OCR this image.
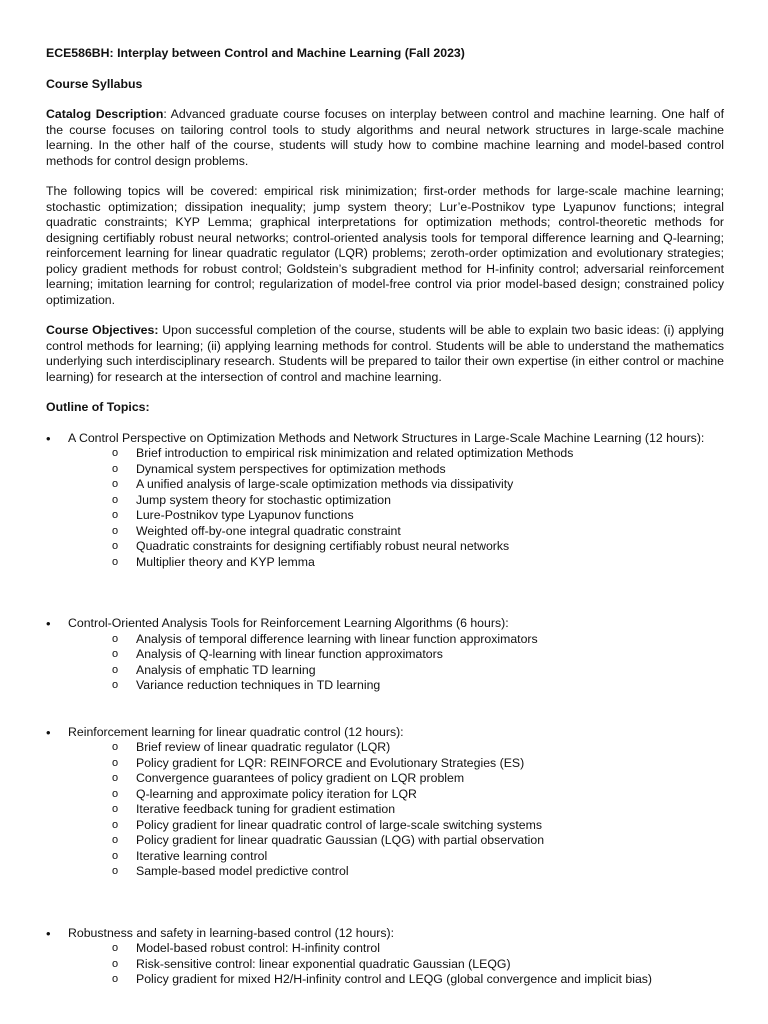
ECE586BH: Interplay between Control and Machine Learning (Fall 2023)
Course Syllabus

Catalog Description: Advanced graduate course focuses on interplay between control and machine learning. One half of the course focuses on tailoring control tools to study algorithms and neural network structures in large-scale machine learning. In the other half of the course, students will study how to combine machine learning and model-based control methods for control design problems.

The following topics will be covered: empirical risk minimization; first-order methods for large-scale machine learning; stochastic optimization; dissipation inequality; jump system theory; Lur’e-Postnikov type Lyapunov functions; integral quadratic constraints; KYP Lemma; graphical interpretations for optimization methods; control-theoretic methods for designing certifiably robust neural networks; control-oriented analysis tools for temporal difference learning and Q-learning; reinforcement learning for linear quadratic regulator (LQR) problems; zeroth-order optimization and evolutionary strategies; policy gradient methods for robust control; Goldstein’s subgradient method for H-infinity control; adversarial reinforcement learning; imitation learning for control; regularization of model-free control via prior model-based design; constrained policy optimization.

Course Objectives: Upon successful completion of the course, students will be able to explain two basic ideas: (i) applying control methods for learning; (ii) applying learning methods for control. Students will be able to understand the mathematics underlying such interdisciplinary research. Students will be prepared to tailor their own expertise (in either control or machine learning) for research at the intersection of control and machine learning.

Outline of Topics:
•	A Control Perspective on Optimization Methods and Network Structures in Large-Scale Machine Learning (12 hours):
o Brief introduction to empirical risk minimization and related optimization Methods
o Dynamical system perspectives for optimization methods
o A unified analysis of large-scale optimization methods via dissipativity
o Jump system theory for stochastic optimization
o Lure-Postnikov type Lyapunov functions
o Weighted off-by-one integral quadratic constraint
o Quadratic constraints for designing certifiably robust neural networks
o Multiplier theory and KYP lemma
•	Control-Oriented Analysis Tools for Reinforcement Learning Algorithms (6 hours):
o Analysis of temporal difference learning with linear function approximators
o Analysis of Q-learning with linear function approximators
o Analysis of emphatic TD learning
o Variance reduction techniques in TD learning
•	Reinforcement learning for linear quadratic control (12 hours):
o Brief review of linear quadratic regulator (LQR)
o Policy gradient for LQR: REINFORCE and Evolutionary Strategies (ES)
o Convergence guarantees of policy gradient on LQR problem
o Q-learning and approximate policy iteration for LQR
o Iterative feedback tuning for gradient estimation
o Policy gradient for linear quadratic control of large-scale switching systems
o Policy gradient for linear quadratic Gaussian (LQG) with partial observation
o Iterative learning control
o Sample-based model predictive control
•	Robustness and safety in learning-based control (12 hours):
o Model-based robust control: H-infinity control
o Risk-sensitive control: linear exponential quadratic Gaussian (LEQG)
o Policy gradient for mixed H2/H-infinity control and LEQG (global convergence and implicit bias)
